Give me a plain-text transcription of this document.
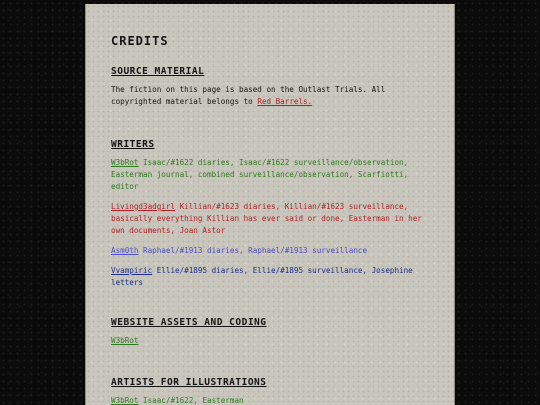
CREDITS
SOURCE MATERIAL

The fiction on this page is based on the Outlast Trials. All copyrighted material belongs to Red Barrels.

WRITERS

W3bRot Isaac/#1622 diaries, Isaac/#1622 surveillance/observation, Easterman journal, combined surveillance/observation, Scarfiotti, editor

Livingd3adgirl Killian/#1623 diaries, Killian/#1623 surveillance, basically everything Killian has ever said or done, Easterman in her own documents, Joan Astor

Asm0th Raphael/#1913 diaries, Raphael/#1913 surveillance

Vvampiric Ellie/#1895 diaries, Ellie/#1895 surveillance, Josephine letters

WEBSITE ASSETS AND CODING

W3bRot

ARTISTS FOR ILLUSTRATIONS

W3bRot Isaac/#1622, Easterman
